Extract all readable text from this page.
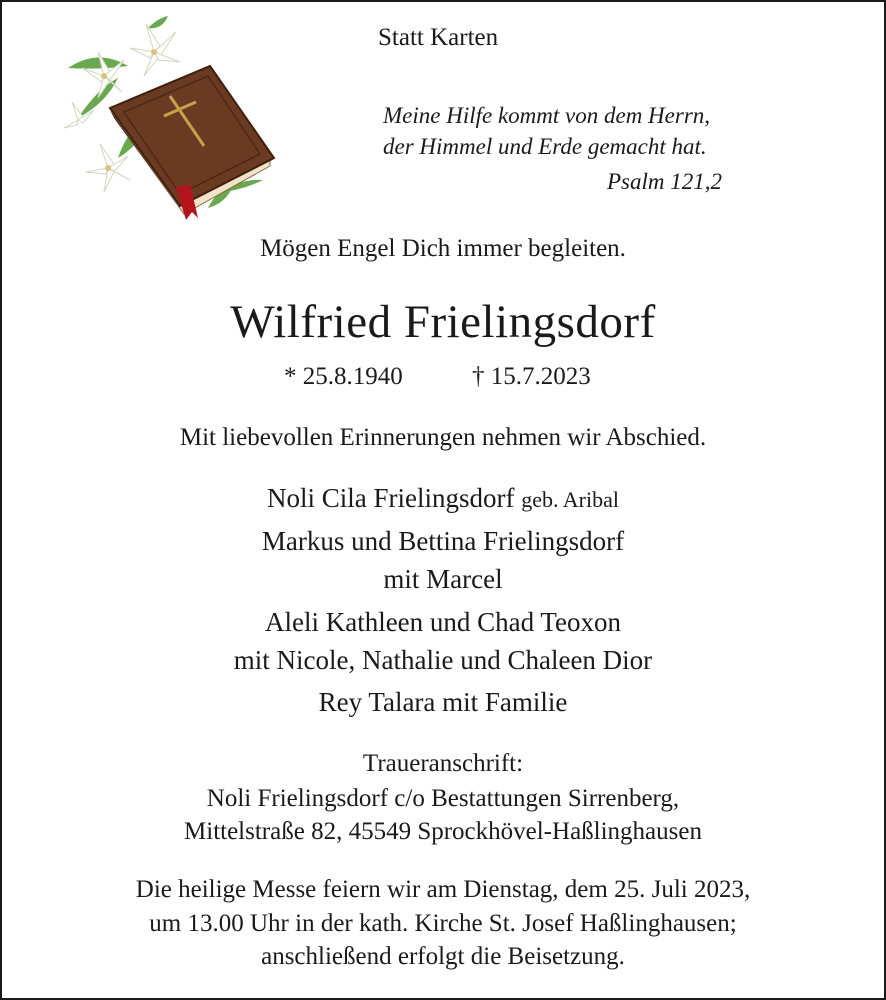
Statt Karten
Meine Hilfe kommt von dem Herrn,
der Himmel und Erde gemacht hat.
Psalm 121,2
Mögen Engel Dich immer begleiten.
Wilfried Frielingsdorf
* 25.8.1940	† 15.7.2023
Mit liebevollen Erinnerungen nehmen wir Abschied.
Noli Cila Frielingsdorf geb. Aribal
Markus und Bettina Frielingsdorf
mit Marcel
Aleli Kathleen und Chad Teoxon
mit Nicole, Nathalie und Chaleen Dior
Rey Talara mit Familie
Traueranschrift:
Noli Frielingsdorf c/o Bestattungen Sirrenberg,
Mittelstraße 82, 45549 Sprockhövel-Haßlinghausen
Die heilige Messe feiern wir am Dienstag, dem 25. Juli 2023,
um 13.00 Uhr in der kath. Kirche St. Josef Haßlinghausen;
anschließend erfolgt die Beisetzung.
